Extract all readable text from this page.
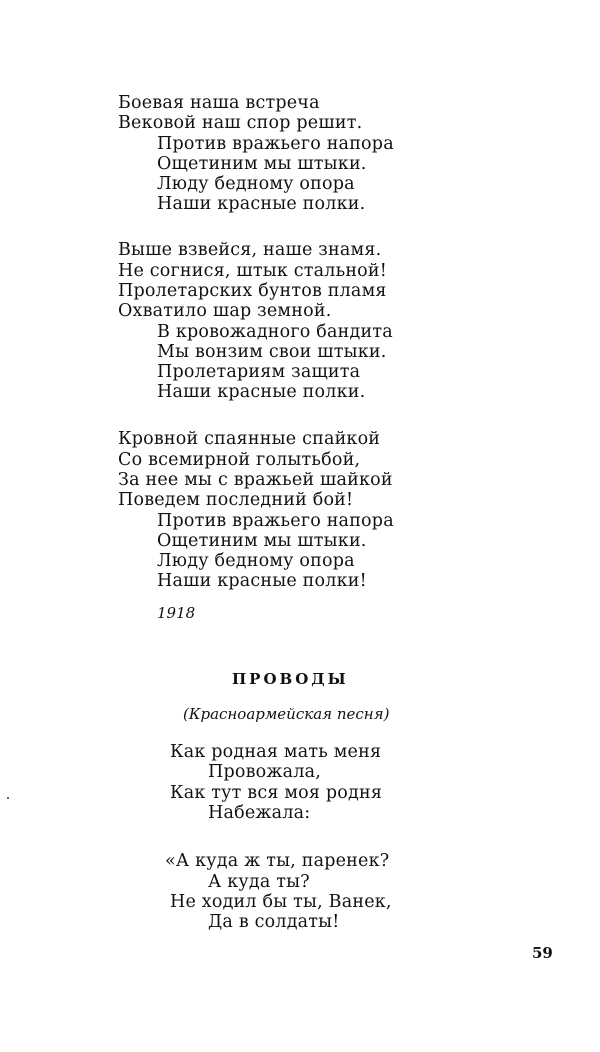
Боевая наша встреча
Вековой наш спор решит.
Против вражьего напора
Ощетиним мы штыки.
Люду бедному опора
Наши красные полки.
Выше взвейся, наше знамя.
Не согнися, штык стальной!
Пролетарских бунтов пламя
Охватило шар земной.
В кровожадного бандита
Мы вонзим свои штыки.
Пролетариям защита
Наши красные полки.
Кровной спаянные спайкой
Со всемирной голытьбой,
За нее мы с вражьей шайкой
Поведем последний бой!
Против вражьего напора
Ощетиним мы штыки.
Люду бедному опора
Наши красные полки!
1918
ПРОВОДЫ
(Красноармейская песня)
Как родная мать меня
Провожала,
Как тут вся моя родня
Набежала:
«А куда ж ты, паренек?
А куда ты?
Не ходил бы ты, Ванек,
Да в солдаты!
59
